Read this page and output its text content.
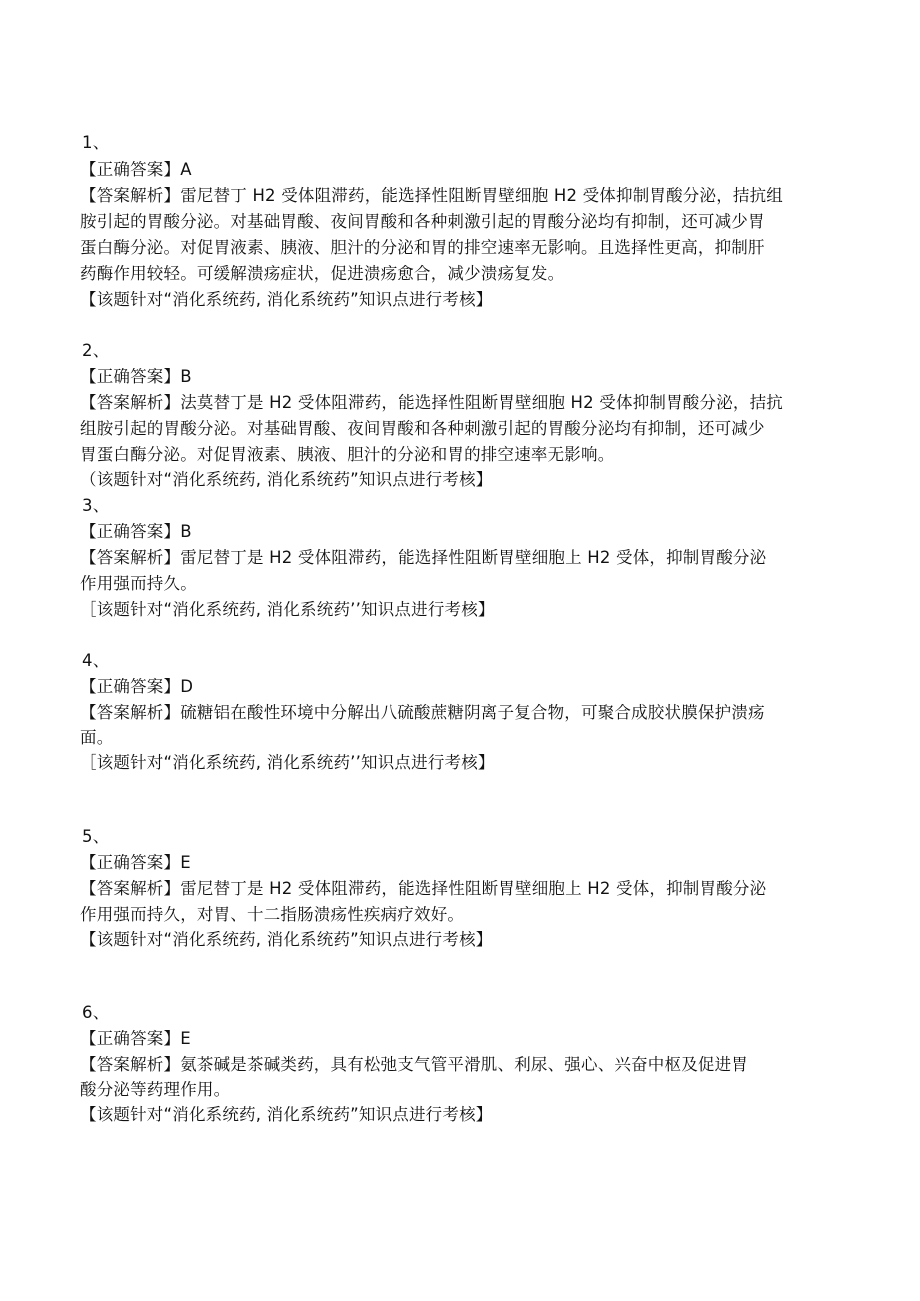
1、
【正确答案】A
【答案解析】雷尼替丁 H2 受体阻滞药，能选择性阻断胃壁细胞 H2 受体抑制胃酸分泌，拮抗组
胺引起的胃酸分泌。对基础胃酸、夜间胃酸和各种刺激引起的胃酸分泌均有抑制，还可减少胃
蛋白酶分泌。对促胃液素、胰液、胆汁的分泌和胃的排空速率无影响。且选择性更高，抑制肝
药酶作用较轻。可缓解溃疡症状，促进溃疡愈合，减少溃疡复发。
【该题针对“消化系统药, 消化系统药”知识点进行考核】
2、
【正确答案】B
【答案解析】法莫替丁是 H2 受体阻滞药，能选择性阻断胃壁细胞 H2 受体抑制胃酸分泌，拮抗
组胺引起的胃酸分泌。对基础胃酸、夜间胃酸和各种刺激引起的胃酸分泌均有抑制，还可减少
胃蛋白酶分泌。对促胃液素、胰液、胆汁的分泌和胃的排空速率无影响。
（该题针对“消化系统药, 消化系统药”知识点进行考核】
3、
【正确答案】B
【答案解析】雷尼替丁是 H2 受体阻滞药，能选择性阻断胃壁细胞上 H2 受体，抑制胃酸分泌
作用强而持久。
［该题针对“消化系统药, 消化系统药’’知识点进行考核】
4、
【正确答案】D
【答案解析】硫糖铝在酸性环境中分解出八硫酸蔗糖阴离子复合物，可聚合成胶状膜保护溃疡
面。
［该题针对“消化系统药, 消化系统药’’知识点进行考核】
5、
【正确答案】E
【答案解析】雷尼替丁是 H2 受体阻滞药，能选择性阻断胃壁细胞上 H2 受体，抑制胃酸分泌
作用强而持久，对胃、十二指肠溃疡性疾病疗效好。
【该题针对“消化系统药, 消化系统药”知识点进行考核】
6、
【正确答案】E
【答案解析】氨茶碱是茶碱类药，具有松弛支气管平滑肌、利尿、强心、兴奋中枢及促进胃
酸分泌等药理作用。
【该题针对“消化系统药, 消化系统药”知识点进行考核】
